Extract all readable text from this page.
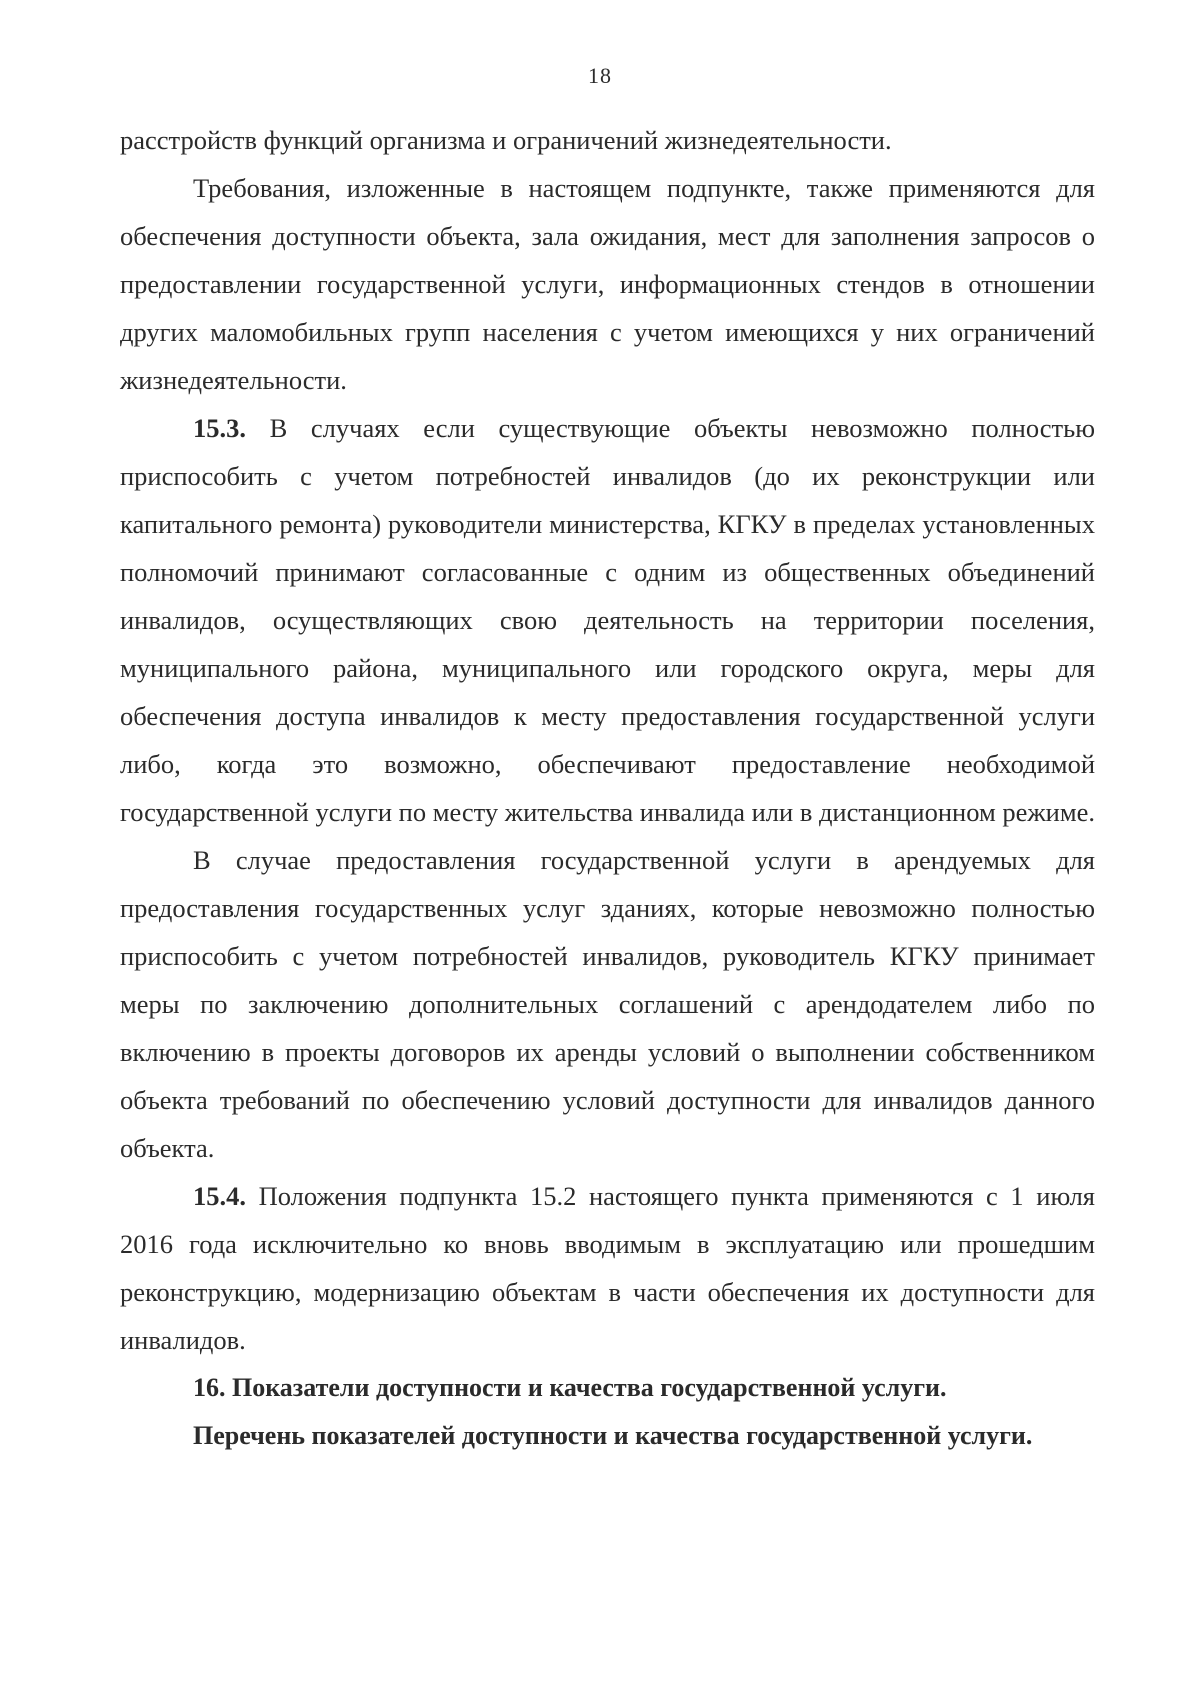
18

расстройств функций организма и ограничений жизнедеятельности.

Требования, изложенные в настоящем подпункте, также применяются для обеспечения доступности объекта, зала ожидания, мест для заполнения запросов о предоставлении государственной услуги, информационных стендов в отношении других маломобильных групп населения с учетом имеющихся у них ограничений жизнедеятельности.

15.3. В случаях если существующие объекты невозможно полностью приспособить с учетом потребностей инвалидов (до их реконструкции или капитального ремонта) руководители министерства, КГКУ в пределах установленных полномочий принимают согласованные с одним из общественных объединений инвалидов, осуществляющих свою деятельность на территории поселения, муниципального района, муниципального или городского округа, меры для обеспечения доступа инвалидов к месту предоставления государственной услуги либо, когда это возможно, обеспечивают предоставление необходимой государственной услуги по месту жительства инвалида или в дистанционном режиме.

В случае предоставления государственной услуги в арендуемых для предоставления государственных услуг зданиях, которые невозможно полностью приспособить с учетом потребностей инвалидов, руководитель КГКУ принимает меры по заключению дополнительных соглашений с арендодателем либо по включению в проекты договоров их аренды условий о выполнении собственником объекта требований по обеспечению условий доступности для инвалидов данного объекта.

15.4. Положения подпункта 15.2 настоящего пункта применяются с 1 июля 2016 года исключительно ко вновь вводимым в эксплуатацию или прошедшим реконструкцию, модернизацию объектам в части обеспечения их доступности для инвалидов.

16. Показатели доступности и качества государственной услуги.

Перечень показателей доступности и качества государственной услуги.
